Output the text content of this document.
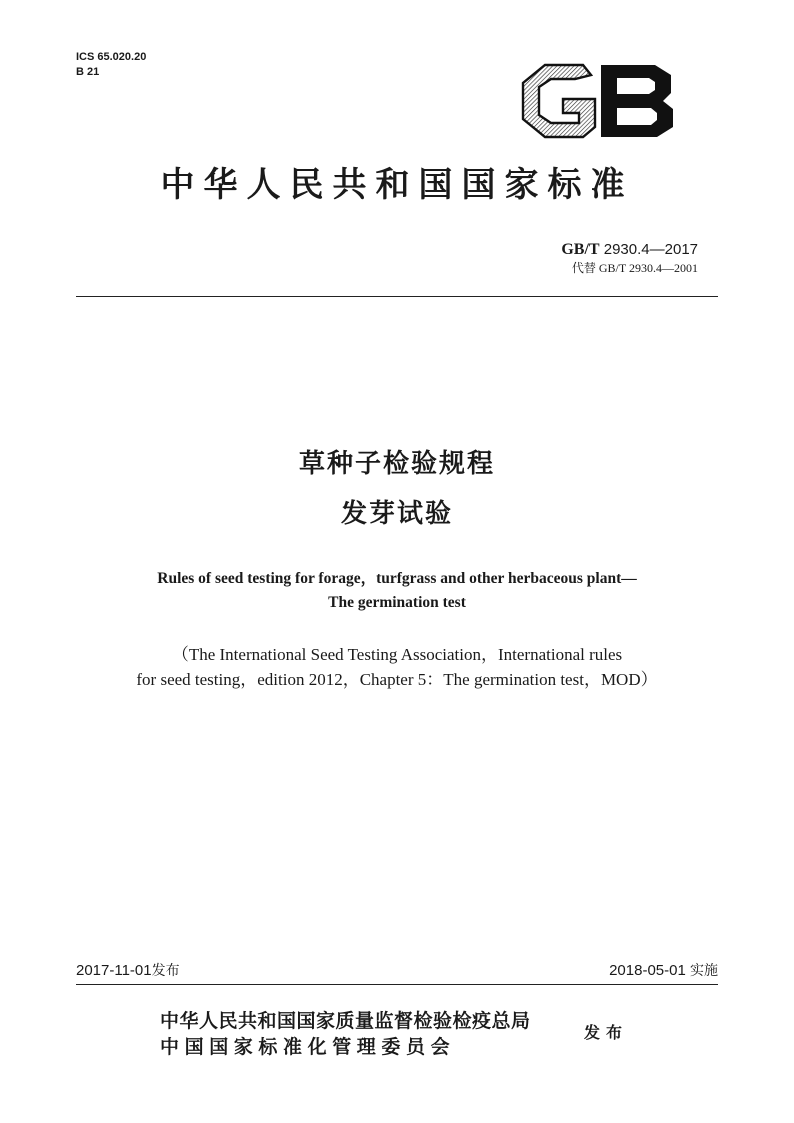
ICS 65.020.20
B 21
中华人民共和国国家标准
GB/T 2930.4—2017
代替 GB/T 2930.4—2001
草种子检验规程
发芽试验
Rules of seed testing for forage，turfgrass and other herbaceous plant—
The germination test
（The International Seed Testing Association，International rules
for seed testing，edition 2012，Chapter 5：The germination test，MOD）
2017-11-01发布	2018-05-01 实施
中华人民共和国国家质量监督检验检疫总局
中国国家标准化管理委员会
发布
